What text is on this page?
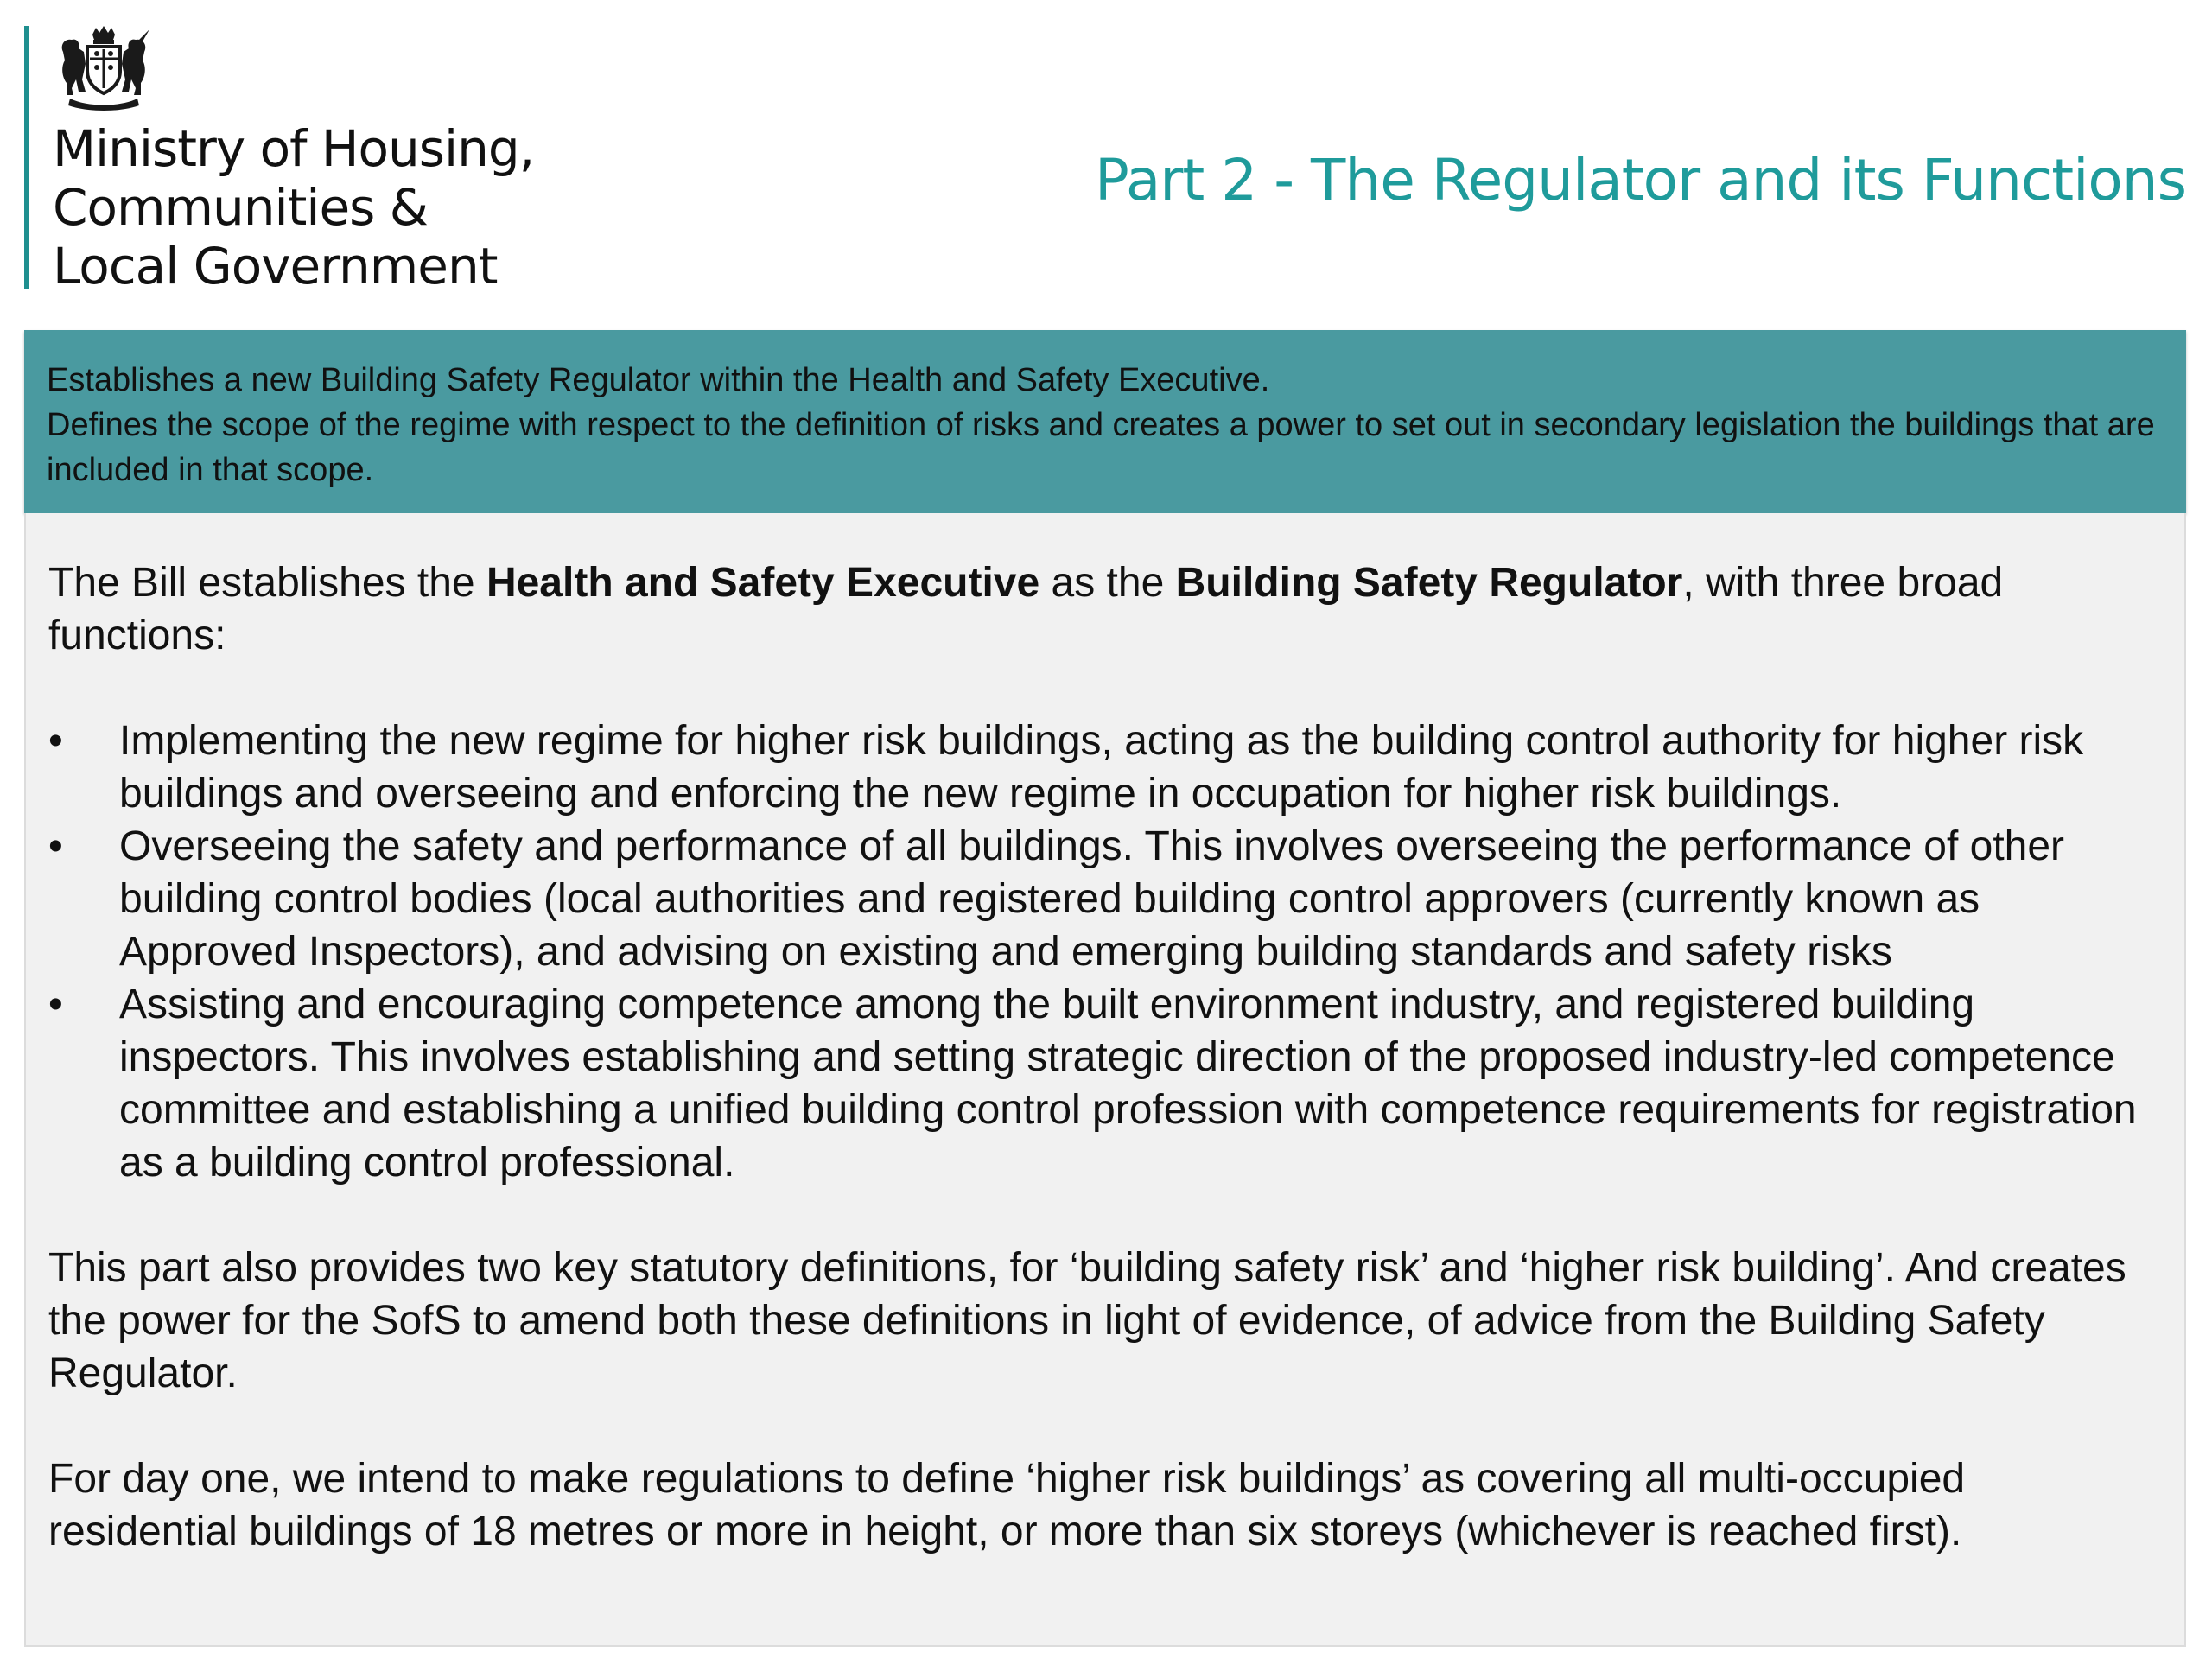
Ministry of Housing,
Communities &
Local Government
Part 2 - The Regulator and its Functions

Establishes a new Building Safety Regulator within the Health and Safety Executive.

Defines the scope of the regime with respect to the definition of risks and creates a power to set out in secondary legislation the buildings that are included in that scope.

The Bill establishes the Health and Safety Executive as the Building Safety Regulator, with three broad functions:

•	Implementing the new regime for higher risk buildings, acting as the building control authority for higher risk buildings and overseeing and enforcing the new regime in occupation for higher risk buildings.
•	Overseeing the safety and performance of all buildings. This involves overseeing the performance of other building control bodies (local authorities and registered building control approvers (currently known as Approved Inspectors), and advising on existing and emerging building standards and safety risks
•	Assisting and encouraging competence among the built environment industry, and registered building inspectors. This involves establishing and setting strategic direction of the proposed industry-led competence committee and establishing a unified building control profession with competence requirements for registration as a building control professional.

This part also provides two key statutory definitions, for ‘building safety risk’ and ‘higher risk building’. And creates the power for the SofS to amend both these definitions in light of evidence, of advice from the Building Safety Regulator.

For day one, we intend to make regulations to define ‘higher risk buildings’ as covering all multi-occupied residential buildings of 18 metres or more in height, or more than six storeys (whichever is reached first).
